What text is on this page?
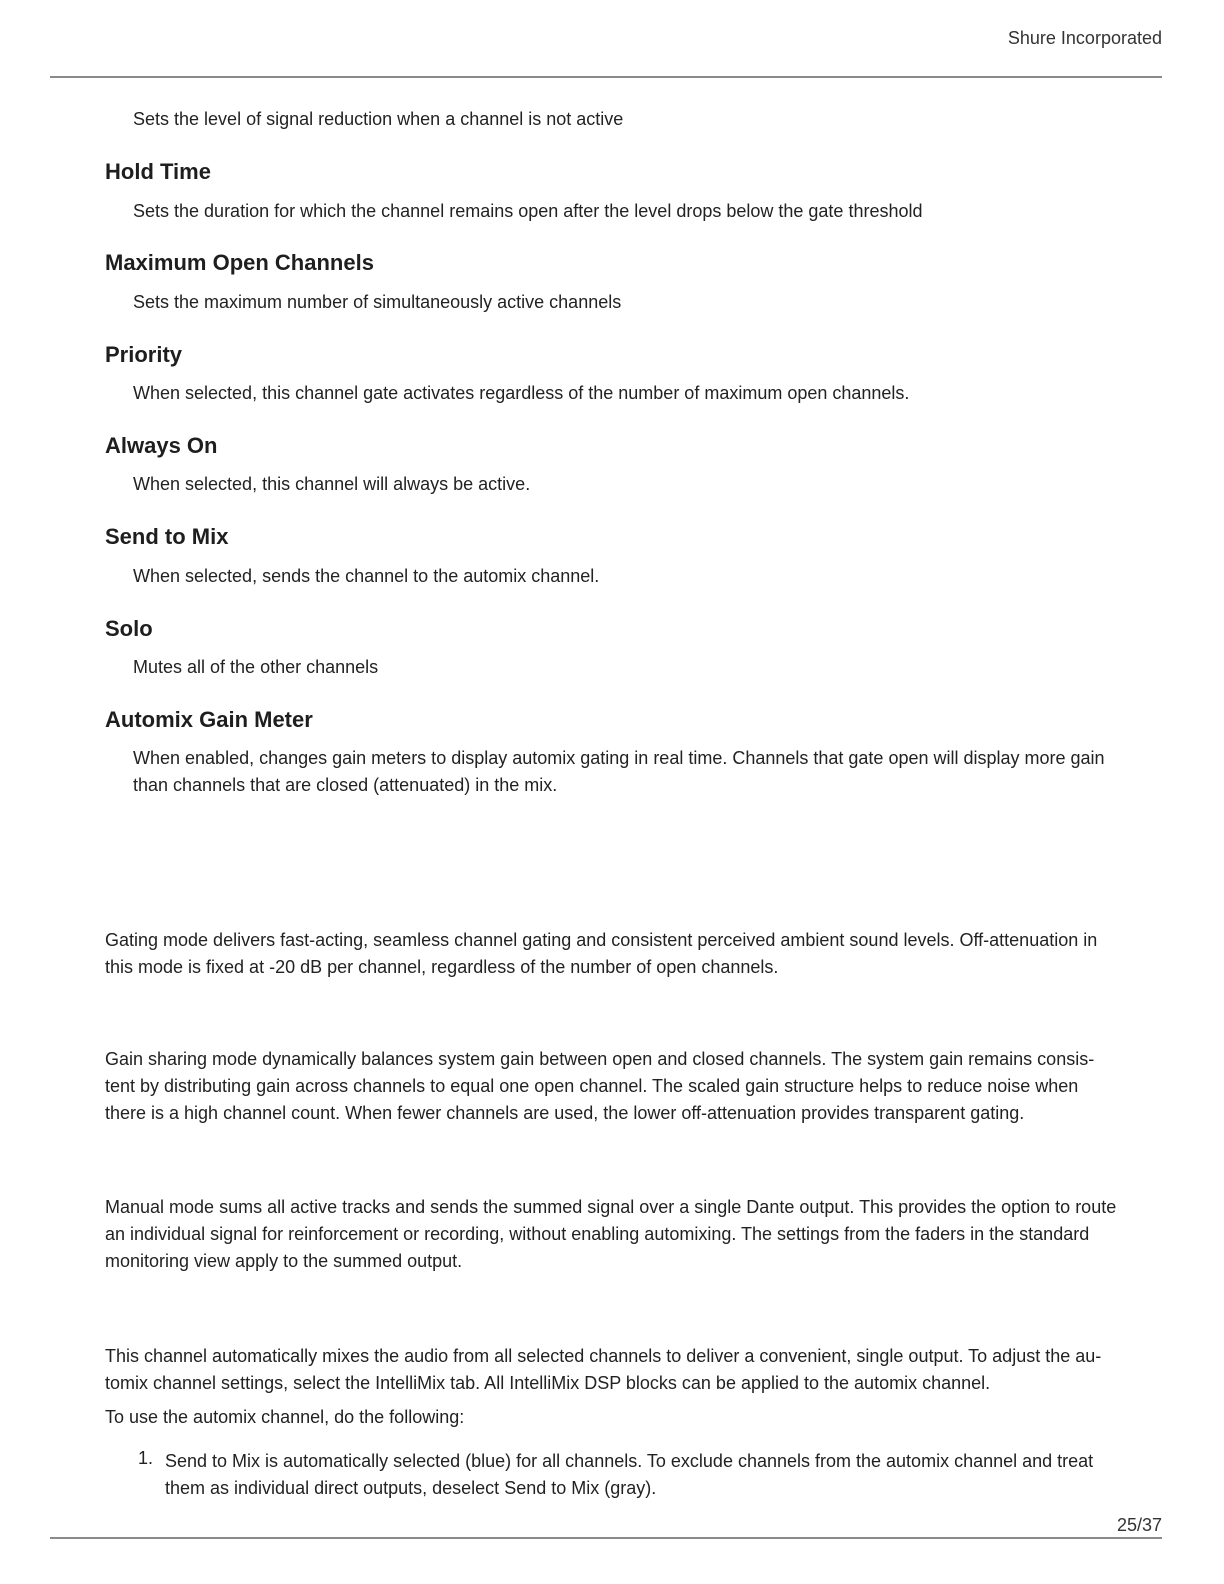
Shure Incorporated
Sets the level of signal reduction when a channel is not active
Hold Time
Sets the duration for which the channel remains open after the level drops below the gate threshold
Maximum Open Channels
Sets the maximum number of simultaneously active channels
Priority
When selected, this channel gate activates regardless of the number of maximum open channels.
Always On
When selected, this channel will always be active.
Send to Mix
When selected, sends the channel to the automix channel.
Solo
Mutes all of the other channels
Automix Gain Meter
When enabled, changes gain meters to display automix gating in real time. Channels that gate open will display more gain
than channels that are closed (attenuated) in the mix.
Gating mode delivers fast-acting, seamless channel gating and consistent perceived ambient sound levels. Off-attenuation in
this mode is fixed at -20 dB per channel, regardless of the number of open channels.
Gain sharing mode dynamically balances system gain between open and closed channels. The system gain remains consis-
tent by distributing gain across channels to equal one open channel. The scaled gain structure helps to reduce noise when
there is a high channel count. When fewer channels are used, the lower off-attenuation provides transparent gating.
Manual mode sums all active tracks and sends the summed signal over a single Dante output. This provides the option to route
an individual signal for reinforcement or recording, without enabling automixing. The settings from the faders in the standard
monitoring view apply to the summed output.
This channel automatically mixes the audio from all selected channels to deliver a convenient, single output. To adjust the au-
tomix channel settings, select the IntelliMix tab. All IntelliMix DSP blocks can be applied to the automix channel.
To use the automix channel, do the following:
1. Send to Mix is automatically selected (blue) for all channels. To exclude channels from the automix channel and treat
them as individual direct outputs, deselect Send to Mix (gray).
25/37
